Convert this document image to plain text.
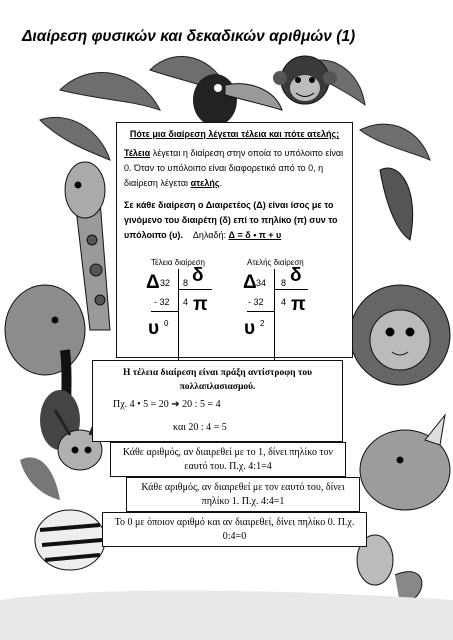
Διαίρεση φυσικών και δεκαδικών αριθμών (1)
Πότε μια διαίρεση λέγεται τέλεια και πότε ατελής;
Τέλεια λέγεται η διαίρεση στην οποία το υπόλοιπο είναι 0. Όταν το υπόλοιπο είναι διαφορετικό από το 0, η διαίρεση λέγεται ατελής.
Σε κάθε διαίρεση ο Διαιρετέος (Δ) είναι ίσος με το γινόμενο του διαιρέτη (δ) επί το πηλίκο (π) συν το υπόλοιπο (υ). Δηλαδή: Δ = δ • π + υ
Τέλεια διαίρεση
Δ 32 8 δ
- 32 4 π
υ 0
Ατελής διαίρεση
Δ 34 8 δ
- 32 4 π
υ 2
Η τέλεια διαίρεση είναι πράξη αντίστροφη του πολλαπλασιασμού.
Πχ. 4 • 5 = 20 ➔ 20 : 5 = 4
και 20 : 4 = 5
Κάθε αριθμός, αν διαιρεθεί με το 1, δίνει πηλίκο τον εαυτό του. Π.χ. 4:1=4
Κάθε αριθμός, αν διαιρεθεί με τον εαυτό του, δίνει πηλίκο 1. Π.χ. 4:4=1
Το 0 με όποιον αριθμό και αν διαιρεθεί, δίνει πηλίκο 0. Π.χ. 0:4=0
